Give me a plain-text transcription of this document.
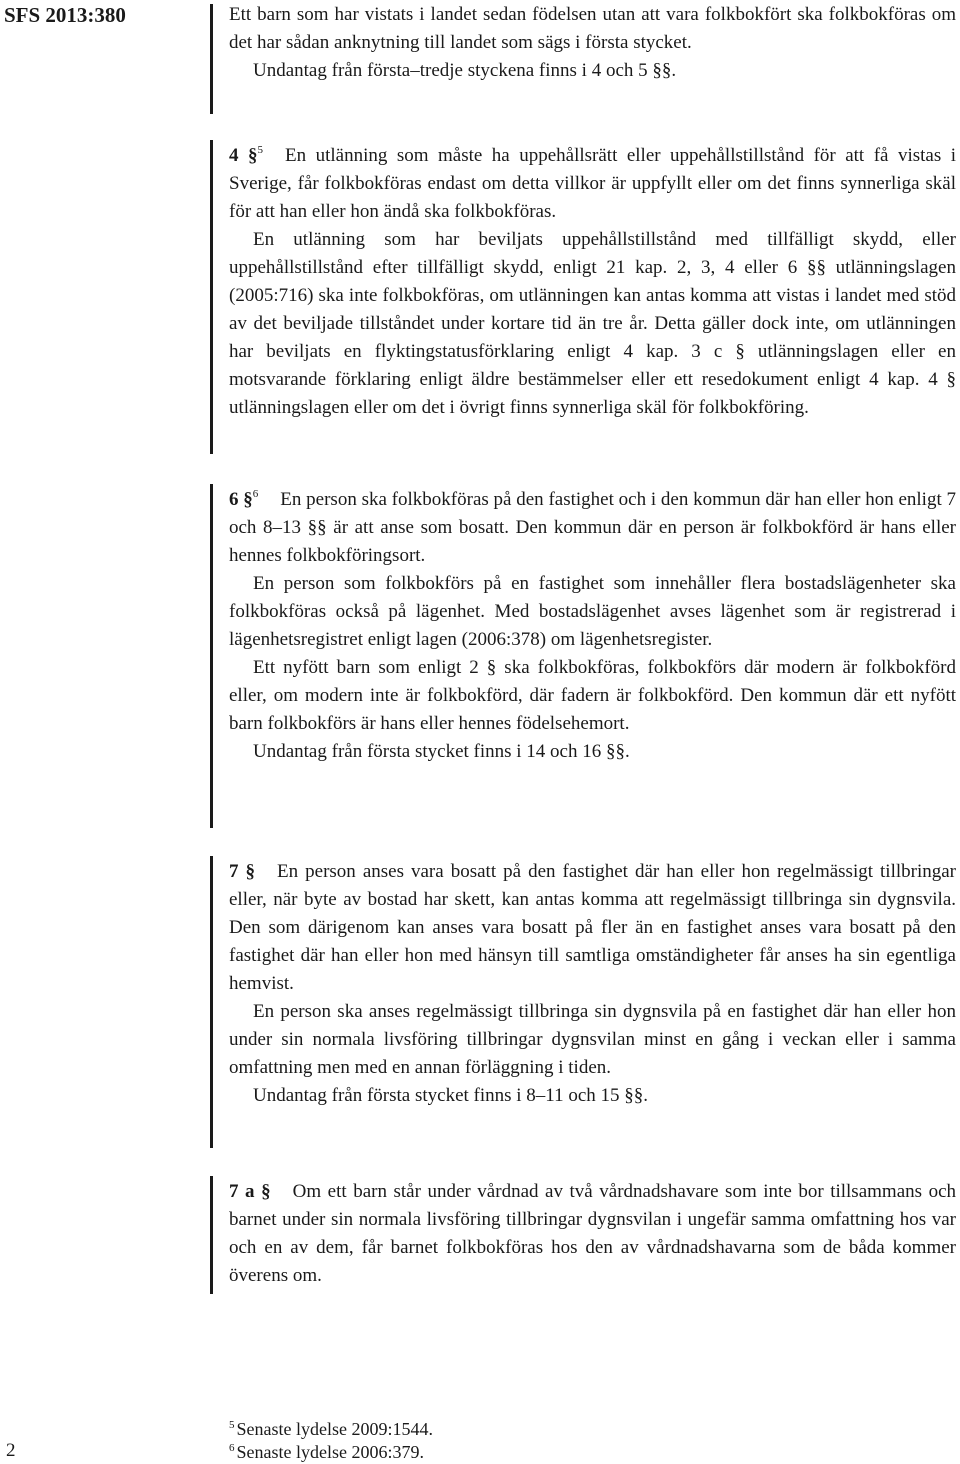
SFS 2013:380	Ett barn som har vistats i landet sedan födelsen utan att vara folkbokfört ska folkbokföras om det har sådan anknytning till landet som sägs i första stycket.

Undantag från första–tredje styckena finns i 4 och 5 §§.

4 §$^5$ En utlänning som måste ha uppehållsrätt eller uppehållstillstånd för att få vistas i Sverige, får folkbokföras endast om detta villkor är uppfyllt eller om det finns synnerliga skäl för att han eller hon ändå ska folkbokföras.

En utlänning som har beviljats uppehållstillstånd med tillfälligt skydd, eller uppehållstillstånd efter tillfälligt skydd, enligt 21 kap. 2, 3, 4 eller 6 §§ utlänningslagen (2005:716) ska inte folkbokföras, om utlänningen kan antas komma att vistas i landet med stöd av det beviljade tillståndet under kortare tid än tre år. Detta gäller dock inte, om utlänningen har beviljats en flyktingstatusförklaring enligt 4 kap. 3 c § utlänningslagen eller en motsvarande förklaring enligt äldre bestämmelser eller ett resedokument enligt 4 kap. 4 § utlänningslagen eller om det i övrigt finns synnerliga skäl för folkbokföring.

6 §$^6$ En person ska folkbokföras på den fastighet och i den kommun där han eller hon enligt 7 och 8–13 §§ är att anse som bosatt. Den kommun där en person är folkbokförd är hans eller hennes folkbokföringsort.

En person som folkbokförs på en fastighet som innehåller flera bostadslägenheter ska folkbokföras också på lägenhet. Med bostadslägenhet avses lägenhet som är registrerad i lägenhetsregistret enligt lagen (2006:378) om lägenhetsregister.

Ett nyfött barn som enligt 2 § ska folkbokföras, folkbokförs där modern är folkbokförd eller, om modern inte är folkbokförd, där fadern är folkbokförd. Den kommun där ett nyfött barn folkbokförs är hans eller hennes födelsehemort.

Undantag från första stycket finns i 14 och 16 §§.

7 § En person anses vara bosatt på den fastighet där han eller hon regelmässigt tillbringar eller, när byte av bostad har skett, kan antas komma att regelmässigt tillbringa sin dygnsvila. Den som därigenom kan anses vara bosatt på fler än en fastighet anses vara bosatt på den fastighet där han eller hon med hänsyn till samtliga omständigheter får anses ha sin egentliga hemvist.

En person ska anses regelmässigt tillbringa sin dygnsvila på en fastighet där han eller hon under sin normala livsföring tillbringar dygnsvilan minst en gång i veckan eller i samma omfattning men med en annan förläggning i tiden.

Undantag från första stycket finns i 8–11 och 15 §§.

7 a § Om ett barn står under vårdnad av två vårdnadshavare som inte bor tillsammans och barnet under sin normala livsföring tillbringar dygnsvilan i ungefär samma omfattning hos var och en av dem, får barnet folkbokföras hos den av vårdnadshavarna som de båda kommer överens om.

$^5$ Senaste lydelse 2009:1544.
$^6$ Senaste lydelse 2006:379.
2
